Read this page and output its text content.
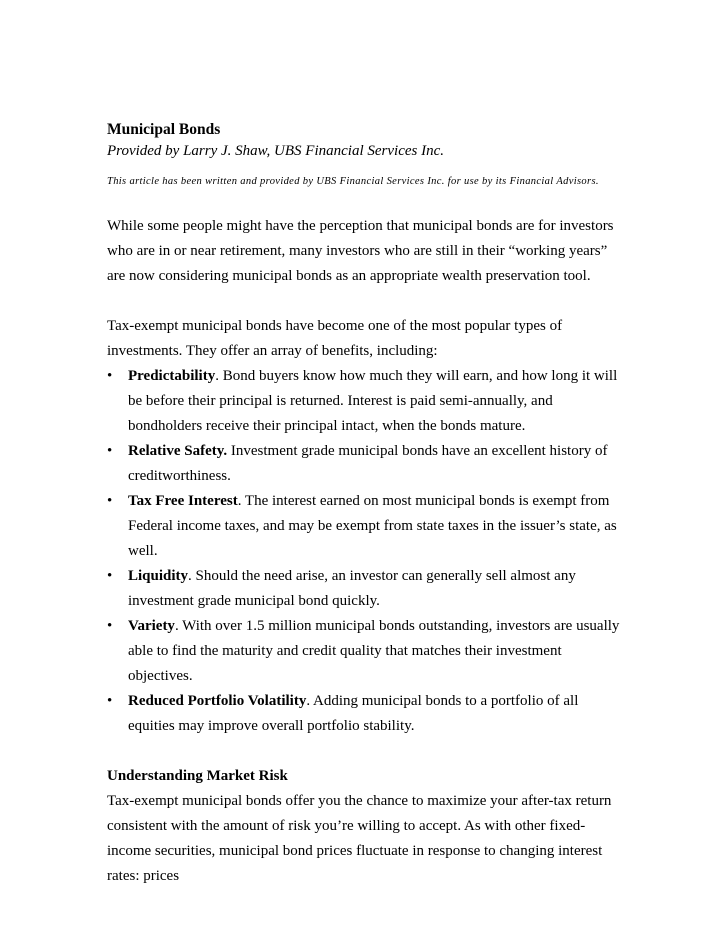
Municipal Bonds

Provided by Larry J. Shaw, UBS Financial Services Inc.

This article has been written and provided by UBS Financial Services Inc. for use by its Financial Advisors.

While some people might have the perception that municipal bonds are for investors who are in or near retirement, many investors who are still in their “working years” are now considering municipal bonds as an appropriate wealth preservation tool.

Tax-exempt municipal bonds have become one of the most popular types of investments. They offer an array of benefits, including:

• Predictability. Bond buyers know how much they will earn, and how long it will be before their principal is returned. Interest is paid semi-annually, and bondholders receive their principal intact, when the bonds mature.
• Relative Safety. Investment grade municipal bonds have an excellent history of creditworthiness.
• Tax Free Interest. The interest earned on most municipal bonds is exempt from Federal income taxes, and may be exempt from state taxes in the issuer’s state, as well.
• Liquidity. Should the need arise, an investor can generally sell almost any investment grade municipal bond quickly.
• Variety. With over 1.5 million municipal bonds outstanding, investors are usually able to find the maturity and credit quality that matches their investment objectives.
• Reduced Portfolio Volatility. Adding municipal bonds to a portfolio of all equities may improve overall portfolio stability.
Understanding Market Risk

Tax-exempt municipal bonds offer you the chance to maximize your after-tax return consistent with the amount of risk you’re willing to accept. As with other fixed-income securities, municipal bond prices fluctuate in response to changing interest rates: prices
